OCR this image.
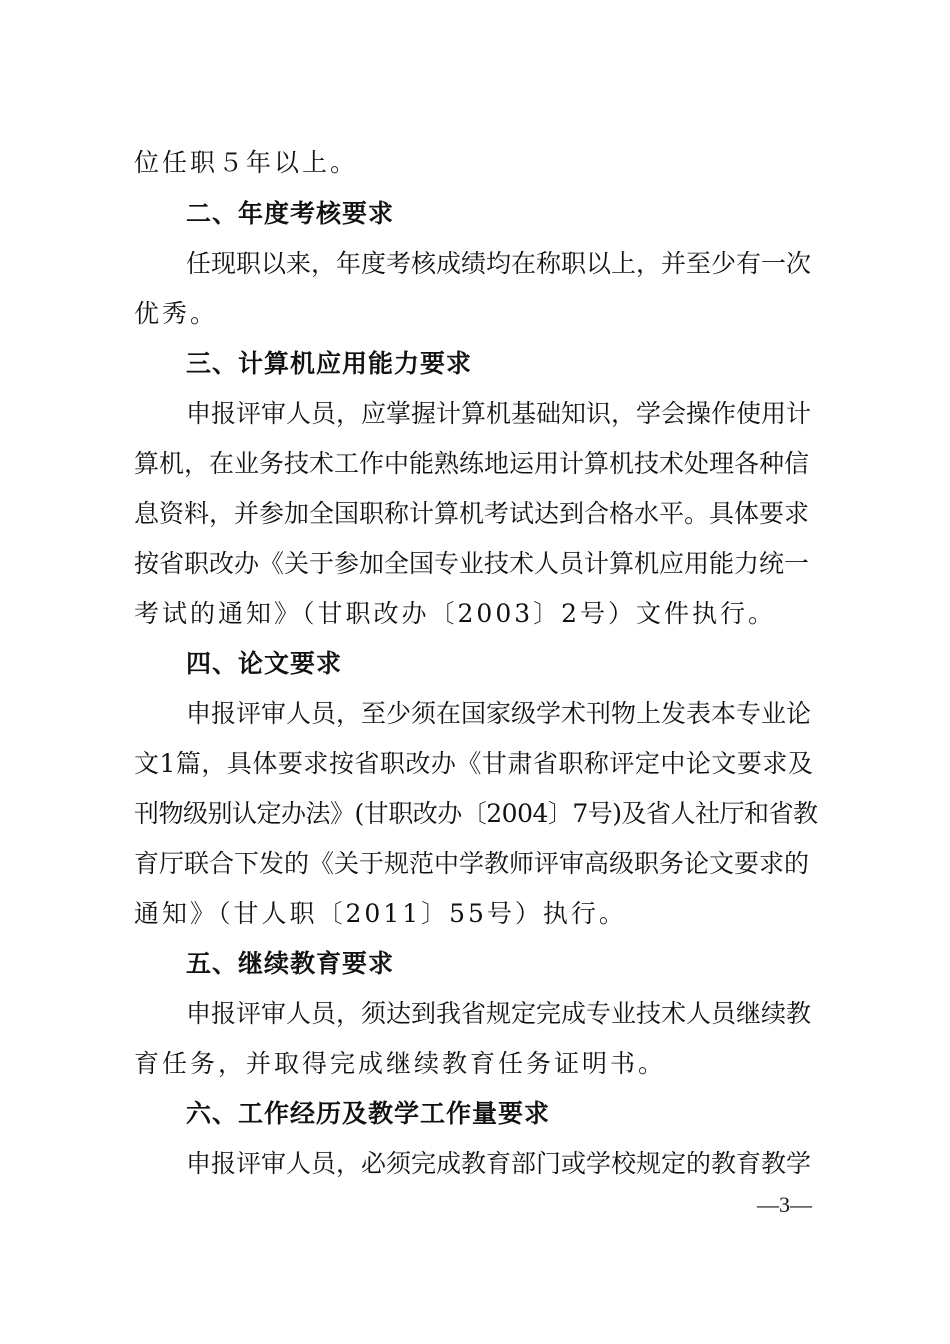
位任职５年以上。
二、年度考核要求
任现职以来，年度考核成绩均在称职以上，并至少有一次
优秀。
三、计算机应用能力要求
申报评审人员，应掌握计算机基础知识，学会操作使用计
算机，在业务技术工作中能熟练地运用计算机技术处理各种信
息资料，并参加全国职称计算机考试达到合格水平。具体要求
按省职改办《关于参加全国专业技术人员计算机应用能力统一
考试的通知》（甘职改办〔2003〕2号）文件执行。
四、论文要求
申报评审人员，至少须在国家级学术刊物上发表本专业论
文1篇，具体要求按省职改办《甘肃省职称评定中论文要求及
刊物级别认定办法》(甘职改办〔2004〕7号)及省人社厅和省教
育厅联合下发的《关于规范中学教师评审高级职务论文要求的
通知》（甘人职〔2011〕55号）执行。
五、继续教育要求
申报评审人员，须达到我省规定完成专业技术人员继续教
育任务，并取得完成继续教育任务证明书。
六、工作经历及教学工作量要求
申报评审人员，必须完成教育部门或学校规定的教育教学
—3—
